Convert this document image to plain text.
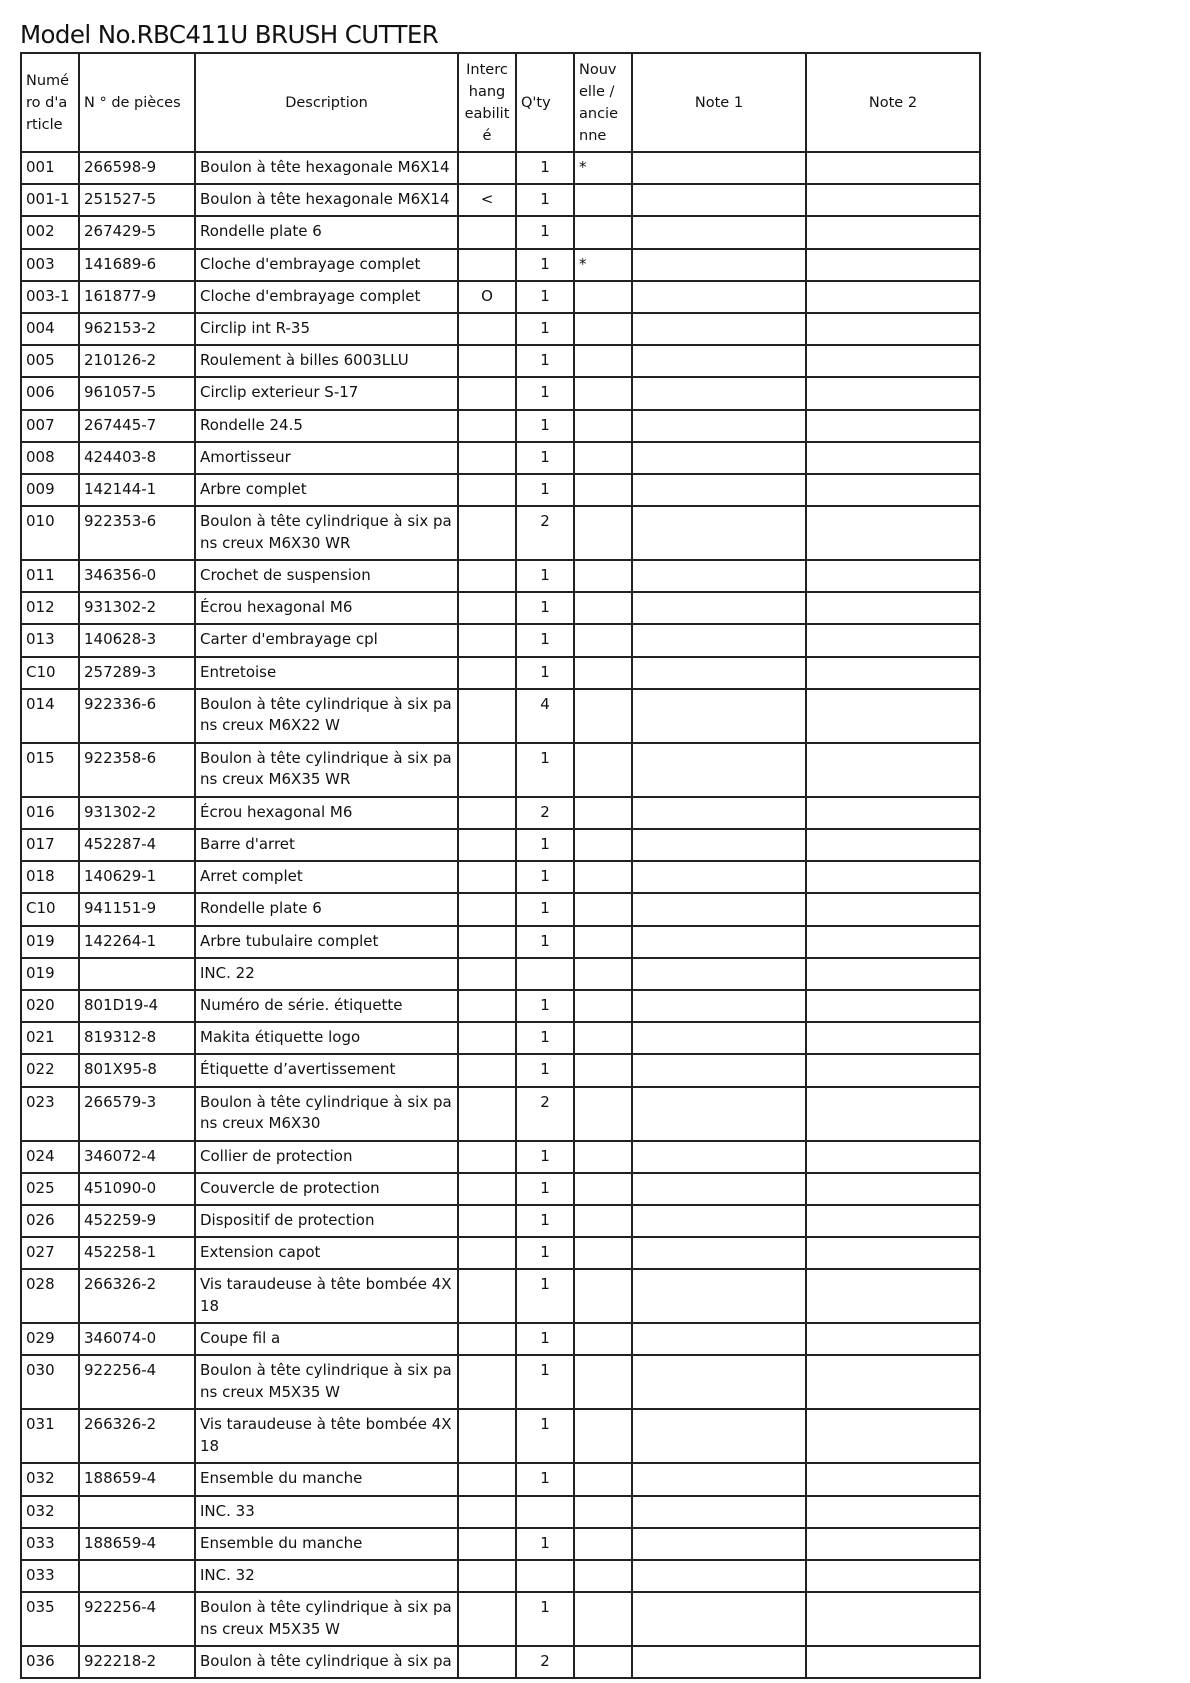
Model No.RBC411U BRUSH CUTTER
Numé
ro d'a
rticle	N ° de pièces	Description	Interc
hang
eabilit
é	Q'ty	Nouv
elle /
ancie
nne	Note 1	Note 2
001	266598-9	Boulon à tête hexagonale M6X14		1	*		
001-1	251527-5	Boulon à tête hexagonale M6X14	<	1			
002	267429-5	Rondelle plate 6		1			
003	141689-6	Cloche d'embrayage complet		1	*		
003-1	161877-9	Cloche d'embrayage complet	O	1			
004	962153-2	Circlip int R-35		1			
005	210126-2	Roulement à billes 6003LLU		1			
006	961057-5	Circlip exterieur S-17		1			
007	267445-7	Rondelle 24.5		1			
008	424403-8	Amortisseur		1			
009	142144-1	Arbre complet		1			
010	922353-6	Boulon à tête cylindrique à six pa
ns creux M6X30 WR		2			
011	346356-0	Crochet de suspension		1			
012	931302-2	Écrou hexagonal M6		1			
013	140628-3	Carter d'embrayage cpl		1			
C10	257289-3	Entretoise		1			
014	922336-6	Boulon à tête cylindrique à six pa
ns creux M6X22 W		4			
015	922358-6	Boulon à tête cylindrique à six pa
ns creux M6X35 WR		1			
016	931302-2	Écrou hexagonal M6		2			
017	452287-4	Barre d'arret		1			
018	140629-1	Arret complet		1			
C10	941151-9	Rondelle plate 6		1			
019	142264-1	Arbre tubulaire complet		1			
019		INC. 22					
020	801D19-4	Numéro de série. étiquette		1			
021	819312-8	Makita étiquette logo		1			
022	801X95-8	Étiquette d’avertissement		1			
023	266579-3	Boulon à tête cylindrique à six pa
ns creux M6X30		2			
024	346072-4	Collier de protection		1			
025	451090-0	Couvercle de protection		1			
026	452259-9	Dispositif de protection		1			
027	452258-1	Extension capot		1			
028	266326-2	Vis taraudeuse à tête bombée 4X
18		1			
029	346074-0	Coupe fil a		1			
030	922256-4	Boulon à tête cylindrique à six pa
ns creux M5X35 W		1			
031	266326-2	Vis taraudeuse à tête bombée 4X
18		1			
032	188659-4	Ensemble du manche		1			
032		INC. 33					
033	188659-4	Ensemble du manche		1			
033		INC. 32					
035	922256-4	Boulon à tête cylindrique à six pa
ns creux M5X35 W		1			
036	922218-2	Boulon à tête cylindrique à six pa		2			
